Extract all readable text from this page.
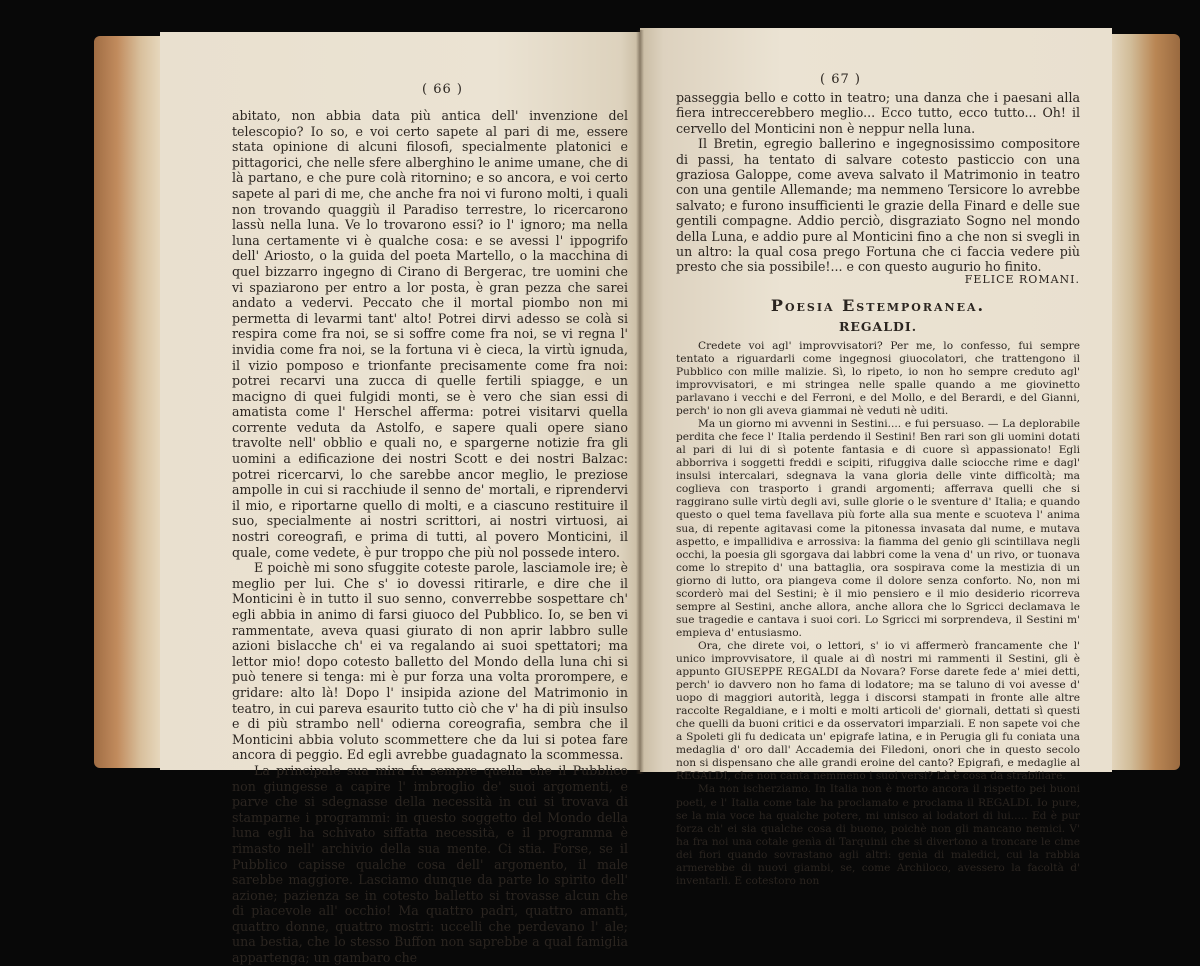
( 66 )

abitato, non abbia data più antica dell' invenzione del telescopio? Io so, e voi certo sapete al pari di me, essere stata opinione di alcuni filosofi, specialmente platonici e pittagorici, che nelle sfere alberghino le anime umane, che di là partano, e che pure colà ritornino; e so ancora, e voi certo sapete al pari di me, che anche fra noi vi furono molti, i quali non trovando quaggiù il Paradiso terrestre, lo ricercarono lassù nella luna. Ve lo trovarono essi? io l' ignoro; ma nella luna certamente vi è qualche cosa: e se avessi l' ippogrifo dell' Ariosto, o la guida del poeta Martello, o la macchina di quel bizzarro ingegno di Cirano di Bergerac, tre uomini che vi spaziarono per entro a lor posta, è gran pezza che sarei andato a vedervi. Peccato che il mortal piombo non mi permetta di levarmi tant' alto! Potrei dirvi adesso se colà si respira come fra noi, se si soffre come fra noi, se vi regna l' invidia come fra noi, se la fortuna vi è cieca, la virtù ignuda, il vizio pomposo e trionfante precisamente come fra noi: potrei recarvi una zucca di quelle fertili spiagge, e un macigno di quei fulgidi monti, se è vero che sian essi di amatista come l' Herschel afferma: potrei visitarvi quella corrente veduta da Astolfo, e sapere quali opere siano travolte nell' obblio e quali no, e spargerne notizie fra gli uomini a edificazione dei nostri Scott e dei nostri Balzac: potrei ricercarvi, lo che sarebbe ancor meglio, le preziose ampolle in cui si racchiude il senno de' mortali, e riprendervi il mio, e riportarne quello di molti, e a ciascuno restituire il suo, specialmente ai nostri scrittori, ai nostri virtuosi, ai nostri coreografi, e prima di tutti, al povero Monticini, il quale, come vedete, è pur troppo che più nol possede intero.

E poichè mi sono sfuggite coteste parole, lasciamole ire; è meglio per lui. Che s' io dovessi ritirarle, e dire che il Monticini è in tutto il suo senno, converrebbe sospettare ch' egli abbia in animo di farsi giuoco del Pubblico. Io, se ben vi rammentate, aveva quasi giurato di non aprir labbro sulle azioni bislacche ch' ei va regalando ai suoi spettatori; ma lettor mio! dopo cotesto balletto del Mondo della luna chi si può tenere si tenga: mi è pur forza una volta prorompere, e gridare: alto là! Dopo l' insipida azione del Matrimonio in teatro, in cui pareva esaurito tutto ciò che v' ha di più insulso e di più strambo nell' odierna coreografia, sembra che il Monticini abbia voluto scommettere che da lui si potea fare ancora di peggio. Ed egli avrebbe guadagnato la scommessa.

La principale sua mira fu sempre quella che il Pubblico non giungesse a capire l' imbroglio de' suoi argomenti, e parve che si sdegnasse della necessità in cui si trovava di stamparne i programmi: in questo soggetto del Mondo della luna egli ha schivato siffatta necessità, e il programma è rimasto nell' archivio della sua mente. Ci stia. Forse, se il Pubblico capisse qualche cosa dell' argomento, il male sarebbe maggiore. Lasciamo dunque da parte lo spirito dell' azione; pazienza se in cotesto balletto si trovasse alcun che di piacevole all' occhio! Ma quattro padri, quattro amanti, quattro donne, quattro mostri: uccelli che perdevano l' ale; una bestia, che lo stesso Buffon non saprebbe a qual famiglia appartenga; un gambaro che

( 67 )

passeggia bello e cotto in teatro; una danza che i paesani alla fiera intreccerebbero meglio... Ecco tutto, ecco tutto... Oh! il cervello del Monticini non è neppur nella luna.

Il Bretin, egregio ballerino e ingegnosissimo compositore di passi, ha tentato di salvare cotesto pasticcio con una graziosa Galoppe, come aveva salvato il Matrimonio in teatro con una gentile Allemande; ma nemmeno Tersicore lo avrebbe salvato; e furono insufficienti le grazie della Finard e delle sue gentili compagne. Addio perciò, disgraziato Sogno nel mondo della Luna, e addio pure al Monticini fino a che non si svegli in un altro: la qual cosa prego Fortuna che ci faccia vedere più presto che sia possibile!... e con questo augurio ho finito.

FELICE ROMANI.
Poesia Estemporanea.
REGALDI.

Credete voi agl' improvvisatori? Per me, lo confesso, fui sempre tentato a riguardarli come ingegnosi giuocolatori, che trattengono il Pubblico con mille malizie. Sì, lo ripeto, io non ho sempre creduto agl' improvvisatori, e mi stringea nelle spalle quando a me giovinetto parlavano i vecchi e del Ferroni, e del Mollo, e del Berardi, e del Gianni, perch' io non gli aveva giammai nè veduti nè uditi.

Ma un giorno mi avvenni in Sestini.... e fui persuaso. — La deplorabile perdita che fece l' Italia perdendo il Sestini! Ben rari son gli uomini dotati al pari di lui di sì potente fantasia e di cuore sì appassionato! Egli abborriva i soggetti freddi e scipiti, rifuggiva dalle sciocche rime e dagl' insulsi intercalari, sdegnava la vana gloria delle vinte difficoltà; ma coglieva con trasporto i grandi argomenti; afferrava quelli che si raggirano sulle virtù degli avi, sulle glorie o le sventure d' Italia; e quando questo o quel tema favellava più forte alla sua mente e scuoteva l' anima sua, di repente agitavasi come la pitonessa invasata dal nume, e mutava aspetto, e impallidiva e arrossiva: la fiamma del genio gli scintillava negli occhi, la poesia gli sgorgava dai labbri come la vena d' un rivo, or tuonava come lo strepito d' una battaglia, ora sospirava come la mestizia di un giorno di lutto, ora piangeva come il dolore senza conforto. No, non mi scorderò mai del Sestini; è il mio pensiero e il mio desiderio ricorreva sempre al Sestini, anche allora, anche allora che lo Sgricci declamava le sue tragedie e cantava i suoi cori. Lo Sgricci mi sorprendeva, il Sestini m' empieva d' entusiasmo.

Ora, che direte voi, o lettori, s' io vi affermerò francamente che l' unico improvvisatore, il quale ai dì nostri mi rammenti il Sestini, gli è appunto GIUSEPPE REGALDI da Novara? Forse darete fede a' miei detti, perch' io davvero non ho fama di lodatore; ma se taluno di voi avesse d' uopo di maggiori autorità, legga i discorsi stampati in fronte alle altre raccolte Regaldiane, e i molti e molti articoli de' giornali, dettati sì questi che quelli da buoni critici e da osservatori imparziali. E non sapete voi che a Spoleti gli fu dedicata un' epigrafe latina, e in Perugia gli fu coniata una medaglia d' oro dall' Accademia dei Filedoni, onori che in questo secolo non si dispensano che alle grandi eroine del canto? Epigrafi, e medaglie al REGALDI, che non canta nemmeno i suoi versi? Là è cosa da strabiliare.

Ma non ischerziamo. In Italia non è morto ancora il rispetto pei buoni poeti, e l' Italia come tale ha proclamato e proclama il REGALDI. Io pure, se la mia voce ha qualche potere, mi unisco ai lodatori di lui..... Ed è pur forza ch' ei sia qualche cosa di buono, poichè non gli mancano nemici. V' ha fra noi una cotale genìa di Tarquinii che si divertono a troncare le cime dei fiori quando sovrastano agli altri: genìa di maledici, cui la rabbia armerebbe di nuovi giambi, se, come Archiloco, avessero la facoltà d' inventarli. E cotestoro non
